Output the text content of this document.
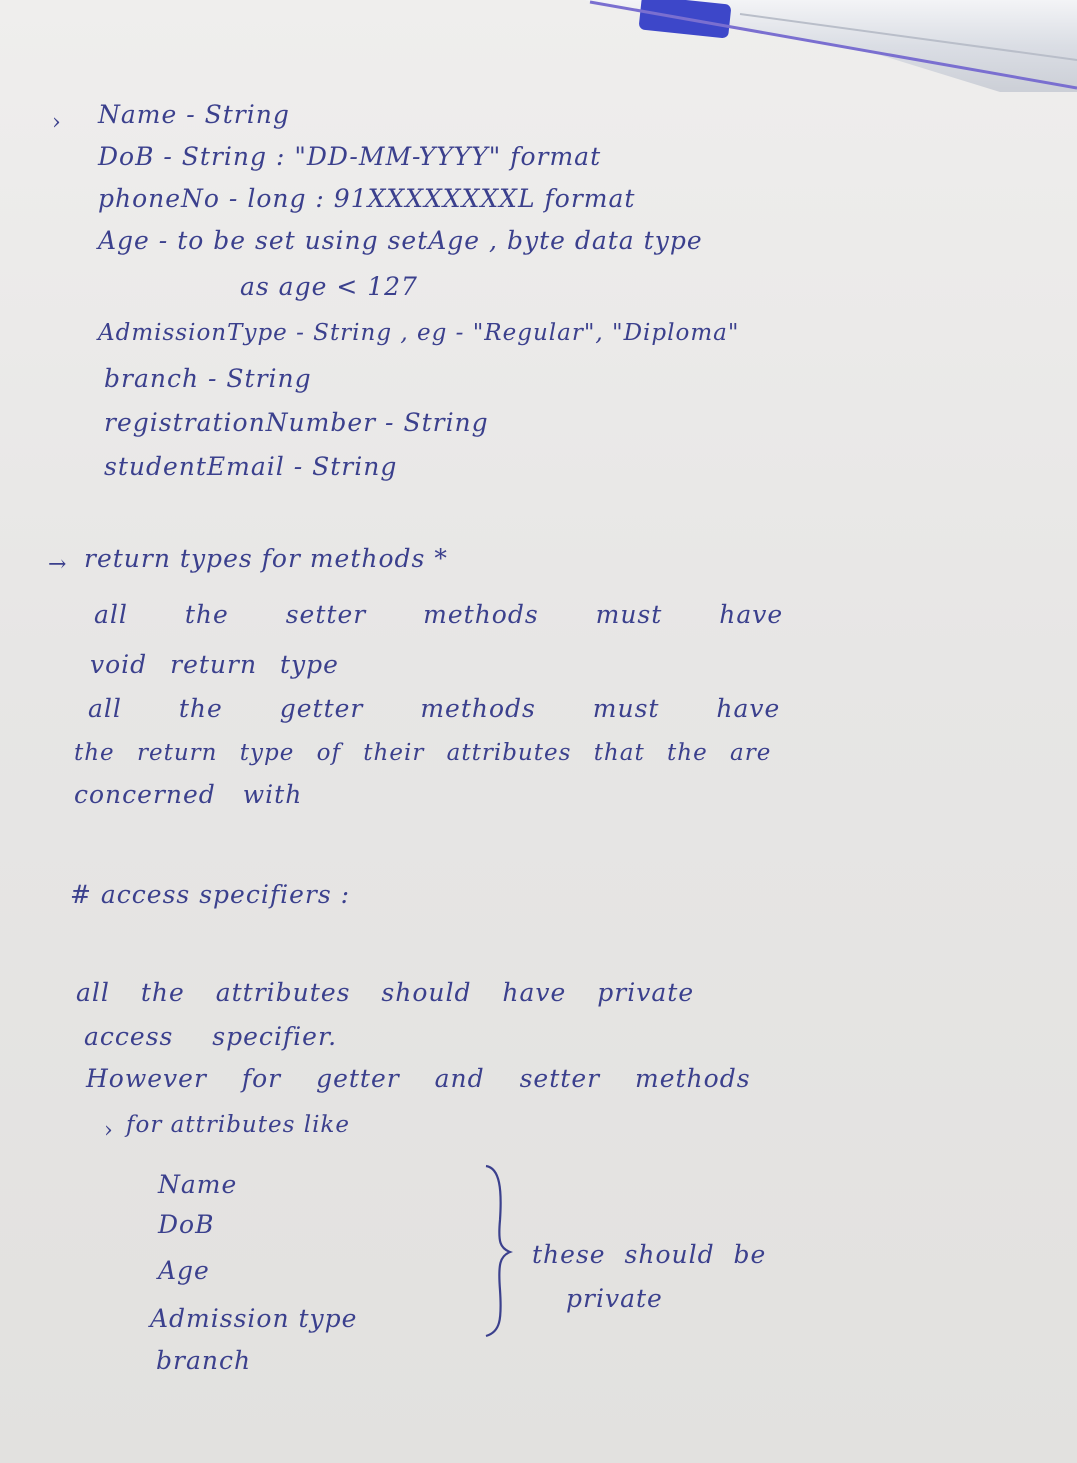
› Name - String
DoB - String : "DD-MM-YYYY" format
phoneNo - long : 91XXXXXXXXL format
Age - to be set using setAge , byte data type
as age < 127
AdmissionType - String , eg - "Regular", "Diploma"
branch - String
registrationNumber - String
studentEmail - String
→ return types for methods *
all the setter methods must have
void return type
all the getter methods must have
the return type of their attributes that the are
concerned with
# access specifiers :
all the attributes should have private
access specifier.
However for getter and setter methods
› for attributes like
Name
DoB
Age
Admission type
branch
these should be
private
